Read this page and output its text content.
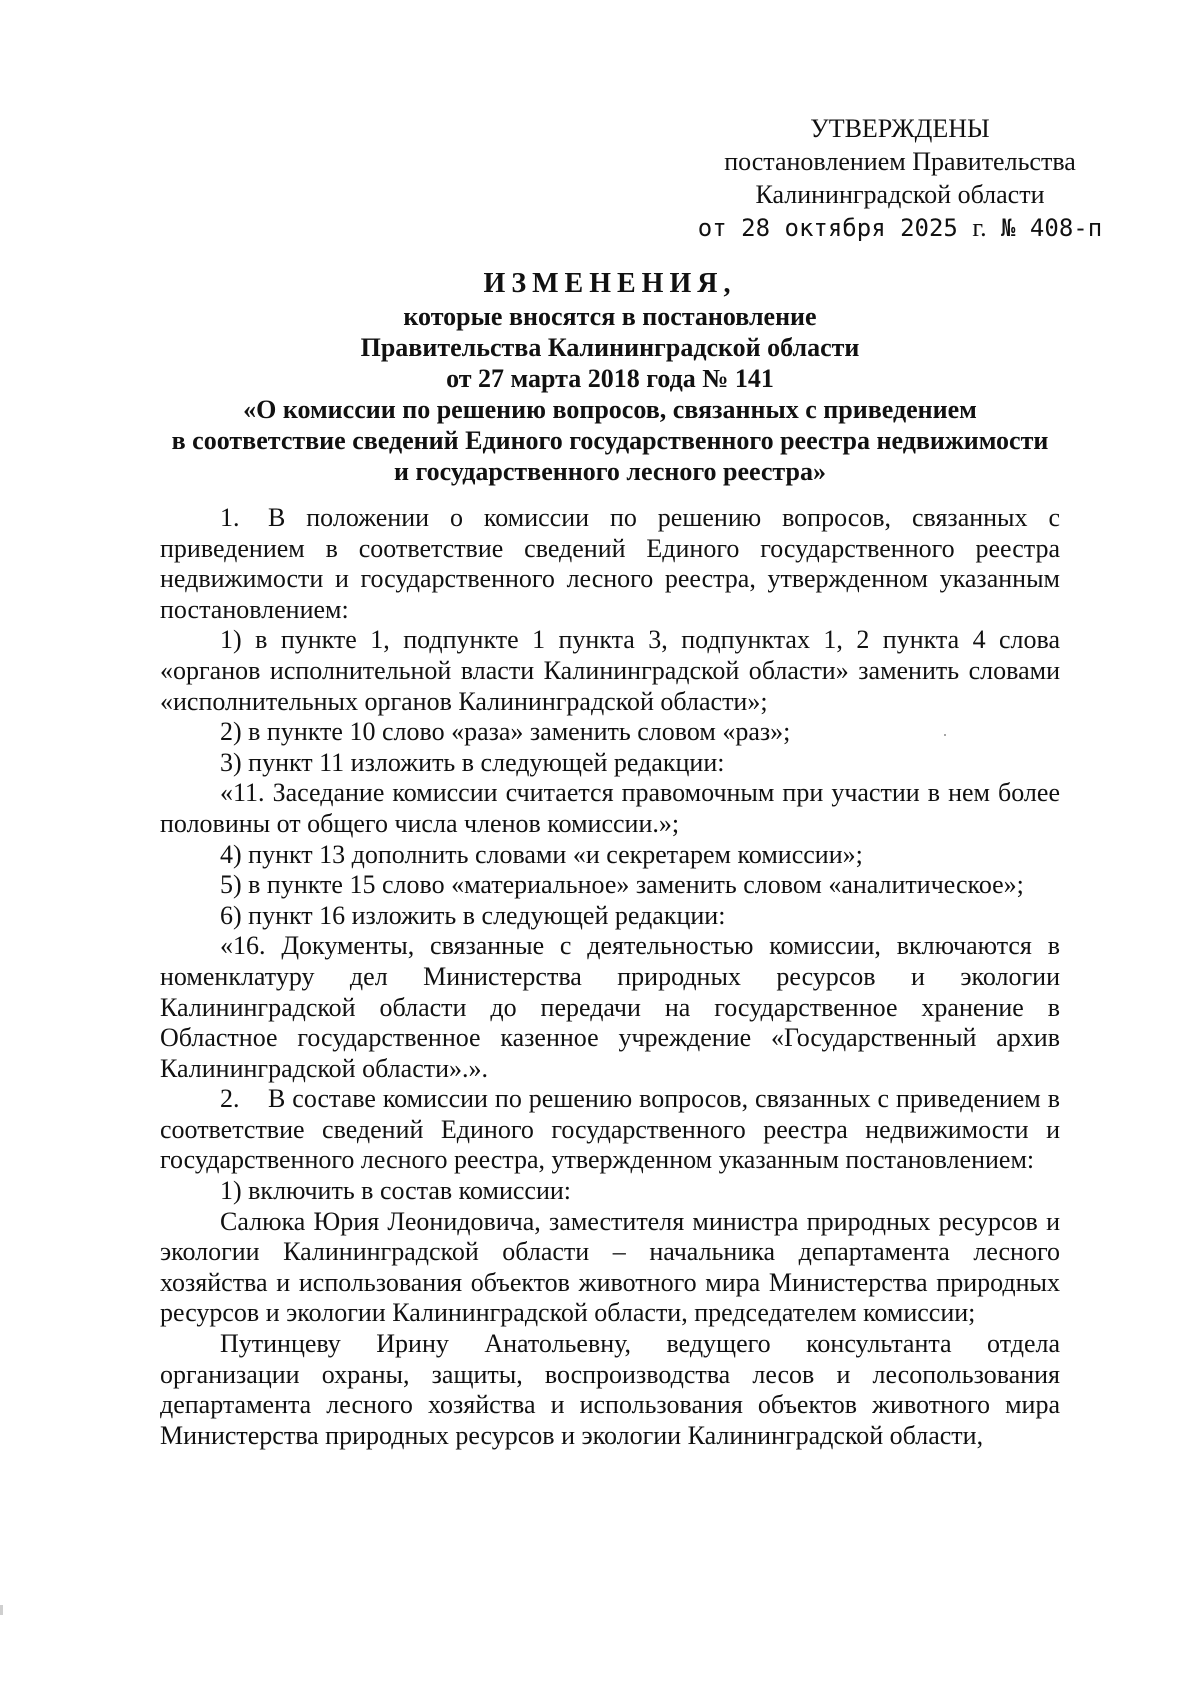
УТВЕРЖДЕНЫ
постановлением Правительства
Калининградской области
от 28 октября 2025 г. № 408-п
ИЗМЕНЕНИЯ,
которые вносятся в постановление
Правительства Калининградской области
от 27 марта 2018 года № 141
«О комиссии по решению вопросов, связанных с приведением
в соответствие сведений Единого государственного реестра недвижимости
и государственного лесного реестра»

1. В положении о комиссии по решению вопросов, связанных с приведением в соответствие сведений Единого государственного реестра недвижимости и государственного лесного реестра, утвержденном указанным постановлением:

1) в пункте 1, подпункте 1 пункта 3, подпунктах 1, 2 пункта 4 слова «органов исполнительной власти Калининградской области» заменить словами «исполнительных органов Калининградской области»;

2) в пункте 10 слово «раза» заменить словом «раз»;

3) пункт 11 изложить в следующей редакции:

«11. Заседание комиссии считается правомочным при участии в нем более половины от общего числа членов комиссии.»;

4) пункт 13 дополнить словами «и секретарем комиссии»;

5) в пункте 15 слово «материальное» заменить словом «аналитическое»;

6) пункт 16 изложить в следующей редакции:

«16. Документы, связанные с деятельностью комиссии, включаются в номенклатуру дел Министерства природных ресурсов и экологии Калининградской области до передачи на государственное хранение в Областное государственное казенное учреждение «Государственный архив Калининградской области».».

2. В составе комиссии по решению вопросов, связанных с приведением в соответствие сведений Единого государственного реестра недвижимости и государственного лесного реестра, утвержденном указанным постановлением:

1) включить в состав комиссии:

Салюка Юрия Леонидовича, заместителя министра природных ресурсов и экологии Калининградской области – начальника департамента лесного хозяйства и использования объектов животного мира Министерства природных ресурсов и экологии Калининградской области, председателем комиссии;

Путинцеву Ирину Анатольевну, ведущего консультанта отдела организации охраны, защиты, воспроизводства лесов и лесопользования департамента лесного хозяйства и использования объектов животного мира Министерства природных ресурсов и экологии Калининградской области,
